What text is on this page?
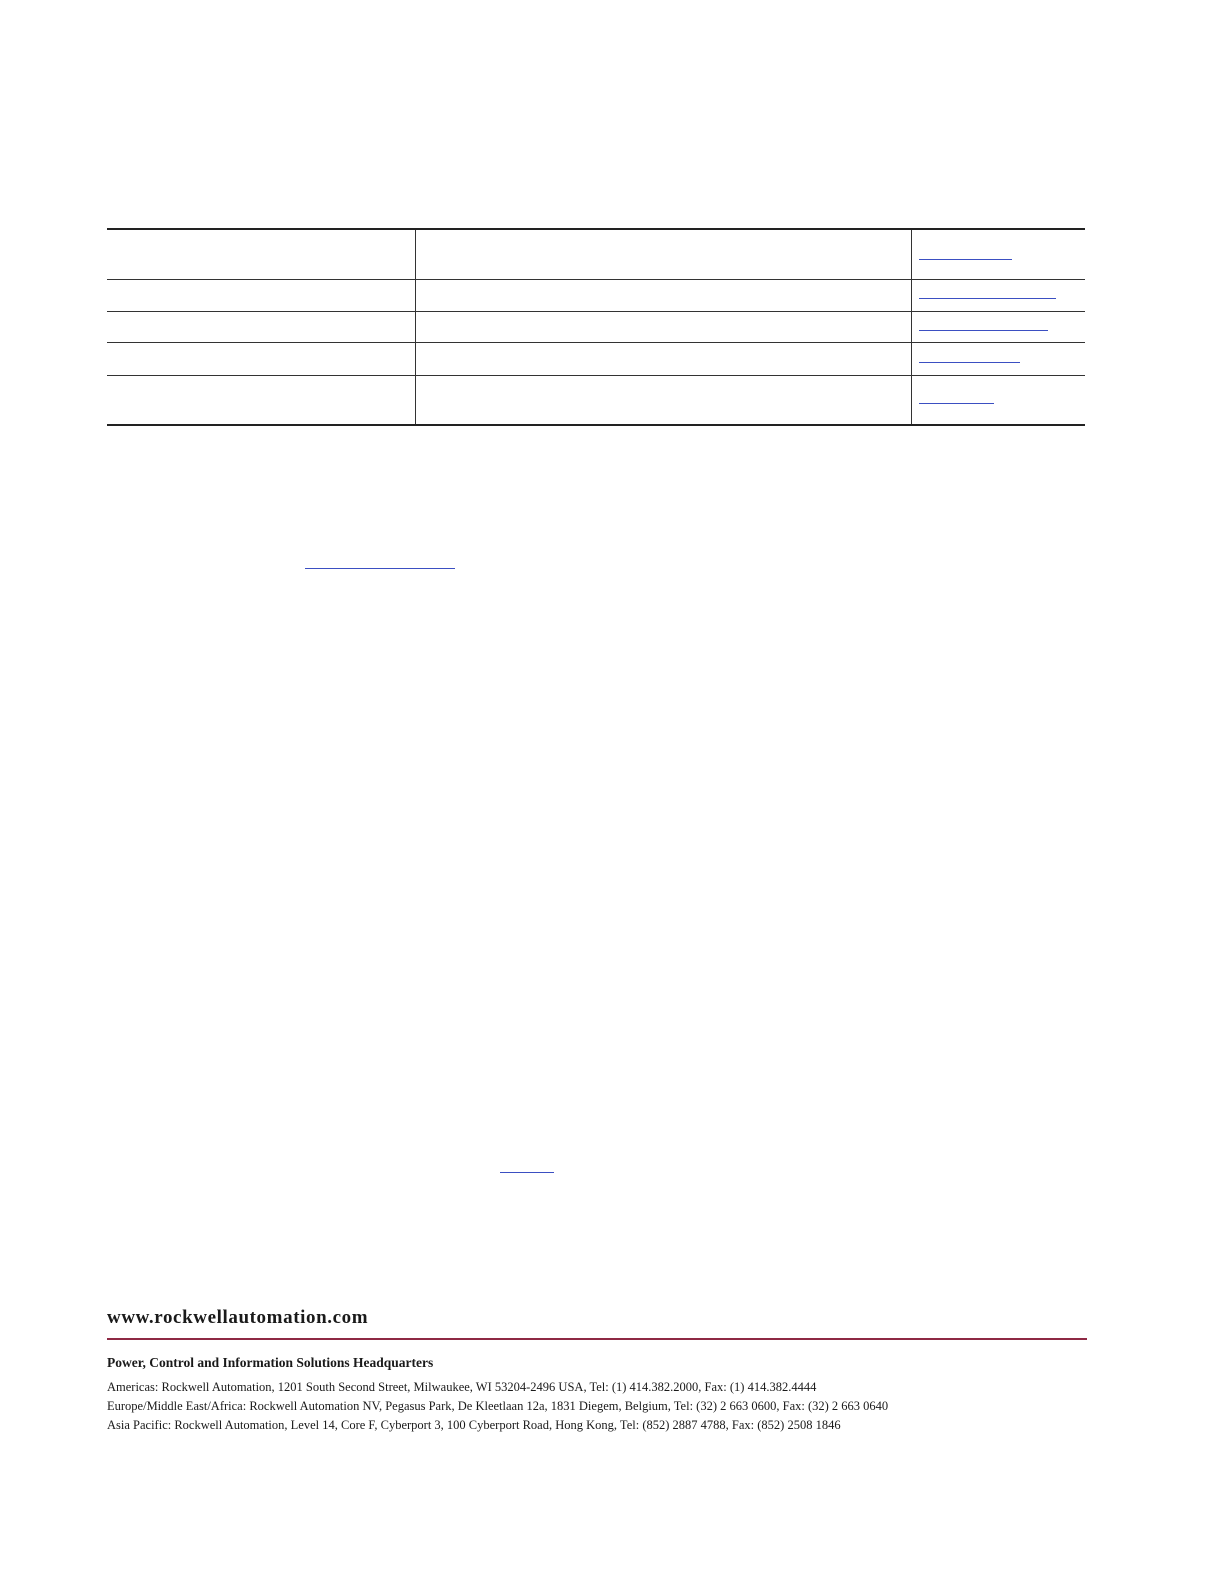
www.rockwellautomation.com

Power, Control and Information Solutions Headquarters
Americas: Rockwell Automation, 1201 South Second Street, Milwaukee, WI 53204-2496 USA, Tel: (1) 414.382.2000, Fax: (1) 414.382.4444
Europe/Middle East/Africa: Rockwell Automation NV, Pegasus Park, De Kleetlaan 12a, 1831 Diegem, Belgium, Tel: (32) 2 663 0600, Fax: (32) 2 663 0640
Asia Pacific: Rockwell Automation, Level 14, Core F, Cyberport 3, 100 Cyberport Road, Hong Kong, Tel: (852) 2887 4788, Fax: (852) 2508 1846
